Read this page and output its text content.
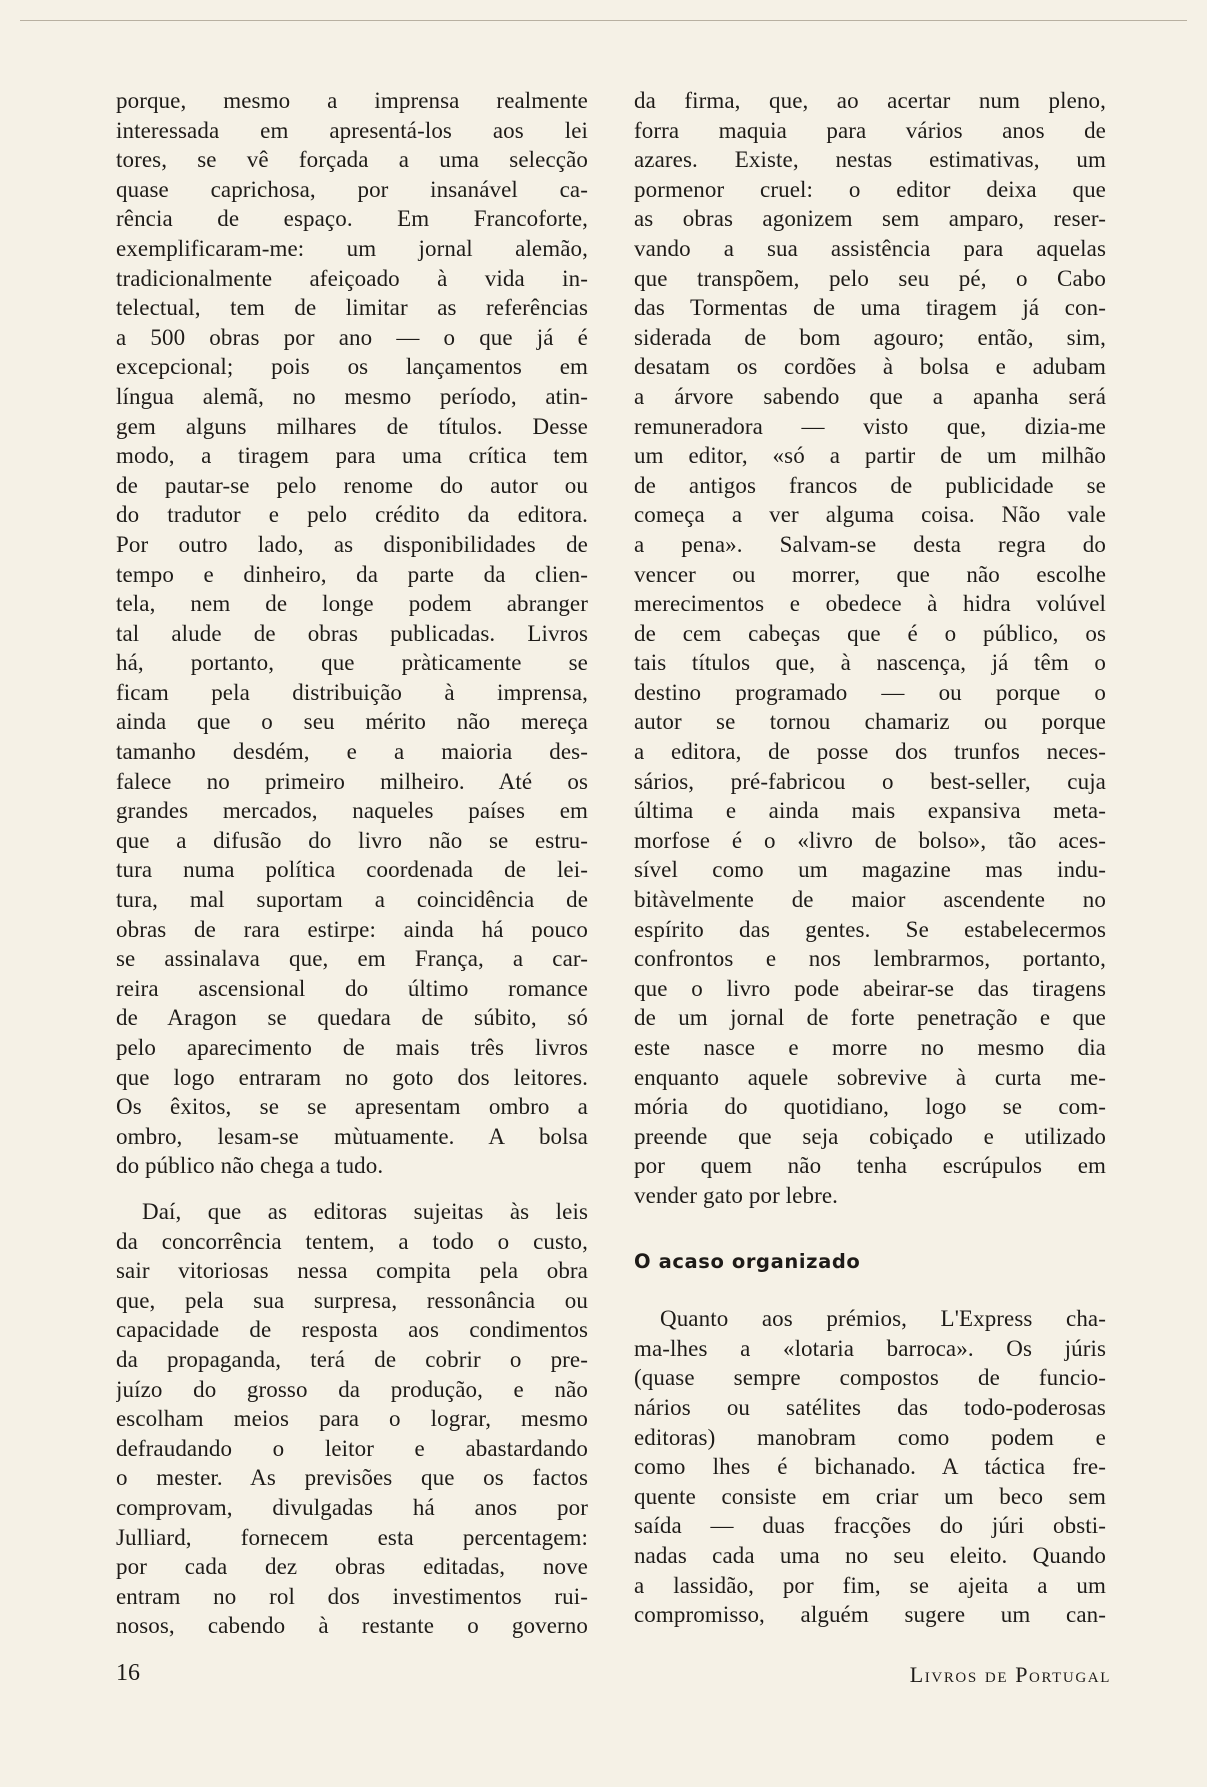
porque, mesmo a imprensa realmente
interessada em apresentá-los aos lei
tores, se vê forçada a uma selecção
quase caprichosa, por insanável ca-
rência de espaço. Em Francoforte,
exemplificaram-me: um jornal alemão,
tradicionalmente afeiçoado à vida in-
telectual, tem de limitar as referências
a 500 obras por ano — o que já é
excepcional; pois os lançamentos em
língua alemã, no mesmo período, atin-
gem alguns milhares de títulos. Desse
modo, a tiragem para uma crítica tem
de pautar-se pelo renome do autor ou
do tradutor e pelo crédito da editora.
Por outro lado, as disponibilidades de
tempo e dinheiro, da parte da clien-
tela, nem de longe podem abranger
tal alude de obras publicadas. Livros
há, portanto, que pràticamente se
ficam pela distribuição à imprensa,
ainda que o seu mérito não mereça
tamanho desdém, e a maioria des-
falece no primeiro milheiro. Até os
grandes mercados, naqueles países em
que a difusão do livro não se estru-
tura numa política coordenada de lei-
tura, mal suportam a coincidência de
obras de rara estirpe: ainda há pouco
se assinalava que, em França, a car-
reira ascensional do último romance
de Aragon se quedara de súbito, só
pelo aparecimento de mais três livros
que logo entraram no goto dos leitores.
Os êxitos, se se apresentam ombro a
ombro, lesam-se mùtuamente. A bolsa
do público não chega a tudo.
Daí, que as editoras sujeitas às leis
da concorrência tentem, a todo o custo,
sair vitoriosas nessa compita pela obra
que, pela sua surpresa, ressonância ou
capacidade de resposta aos condimentos
da propaganda, terá de cobrir o pre-
juízo do grosso da produção, e não
escolham meios para o lograr, mesmo
defraudando o leitor e abastardando
o mester. As previsões que os factos
comprovam, divulgadas há anos por
Julliard, fornecem esta percentagem:
por cada dez obras editadas, nove
entram no rol dos investimentos rui-
nosos, cabendo à restante o governo
da firma, que, ao acertar num pleno,
forra maquia para vários anos de
azares. Existe, nestas estimativas, um
pormenor cruel: o editor deixa que
as obras agonizem sem amparo, reser-
vando a sua assistência para aquelas
que transpõem, pelo seu pé, o Cabo
das Tormentas de uma tiragem já con-
siderada de bom agouro; então, sim,
desatam os cordões à bolsa e adubam
a árvore sabendo que a apanha será
remuneradora — visto que, dizia-me
um editor, «só a partir de um milhão
de antigos francos de publicidade se
começa a ver alguma coisa. Não vale
a pena». Salvam-se desta regra do
vencer ou morrer, que não escolhe
merecimentos e obedece à hidra volúvel
de cem cabeças que é o público, os
tais títulos que, à nascença, já têm o
destino programado — ou porque o
autor se tornou chamariz ou porque
a editora, de posse dos trunfos neces-
sários, pré-fabricou o best-seller, cuja
última e ainda mais expansiva meta-
morfose é o «livro de bolso», tão aces-
sível como um magazine mas indu-
bitàvelmente de maior ascendente no
espírito das gentes. Se estabelecermos
confrontos e nos lembrarmos, portanto,
que o livro pode abeirar-se das tiragens
de um jornal de forte penetração e que
este nasce e morre no mesmo dia
enquanto aquele sobrevive à curta me-
mória do quotidiano, logo se com-
preende que seja cobiçado e utilizado
por quem não tenha escrúpulos em
vender gato por lebre.
O acaso organizado
Quanto aos prémios, L'Express cha-
ma-lhes a «lotaria barroca». Os júris
(quase sempre compostos de funcio-
nários ou satélites das todo-poderosas
editoras) manobram como podem e
como lhes é bichanado. A táctica fre-
quente consiste em criar um beco sem
saída — duas fracções do júri obsti-
nadas cada uma no seu eleito. Quando
a lassidão, por fim, se ajeita a um
compromisso, alguém sugere um can-
16	Livros de Portugal
